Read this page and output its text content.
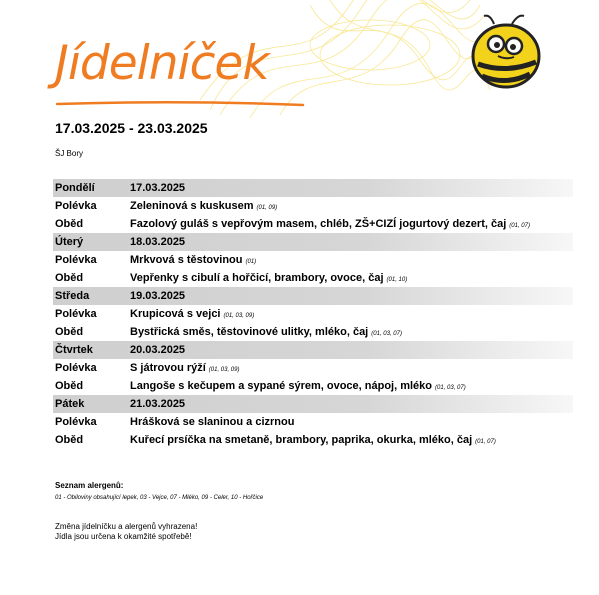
Jídelníček
17.03.2025 - 23.03.2025
ŠJ Bory
Pondělí	17.03.2025
Polévka	Zeleninová s kuskusem (01, 09)
Oběd	Fazolový guláš s vepřovým masem, chléb, ZŠ+CIZÍ jogurtový dezert, čaj (01, 07)
Úterý	18.03.2025
Polévka	Mrkvová s těstovinou (01)
Oběd	Vepřenky s cibulí a hořčicí, brambory, ovoce, čaj (01, 10)
Středa	19.03.2025
Polévka	Krupicová s vejci (01, 03, 09)
Oběd	Bystřická směs, těstovinové ulitky, mléko, čaj (01, 03, 07)
Čtvrtek	20.03.2025
Polévka	S játrovou rýží (01, 03, 09)
Oběd	Langoše s kečupem a sypané sýrem, ovoce, nápoj, mléko (01, 03, 07)
Pátek	21.03.2025
Polévka	Hrášková se slaninou a cizrnou
Oběd	Kuřecí prsíčka na smetaně, brambory, paprika, okurka, mléko, čaj (01, 07)
Seznam alergenů:
01 - Obiloviny obsahující lepek, 03 - Vejce, 07 - Mléko, 09 - Celer, 10 - Hořčice
Změna jídelníčku a alergenů vyhrazena!
Jídla jsou určena k okamžité spotřebě!
